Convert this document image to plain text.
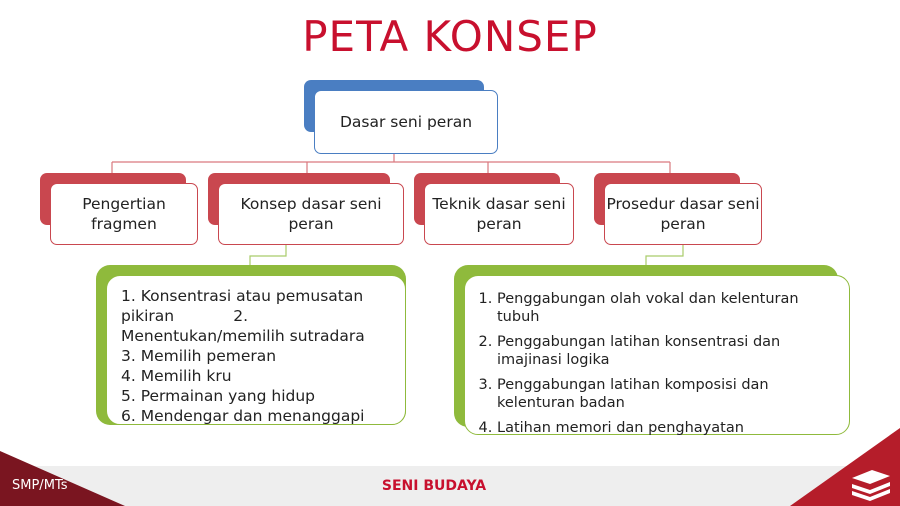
PETA KONSEP
Dasar seni peran
Pengertian fragmen
Konsep dasar seni peran
Teknik dasar seni peran
Prosedur dasar seni peran
1. Konsentrasi atau pemusatan
pikiran            2.
Menentukan/memilih sutradara
3. Memilih pemeran
4. Memilih kru
5. Permainan yang hidup
6. Mendengar dan menanggapi
1. Penggabungan olah vokal dan kelenturan tubuh
2. Penggabungan latihan konsentrasi dan imajinasi logika
3. Penggabungan latihan komposisi dan kelenturan badan
4. Latihan memori dan penghayatan
SMP/MTs	SENI BUDAYA
